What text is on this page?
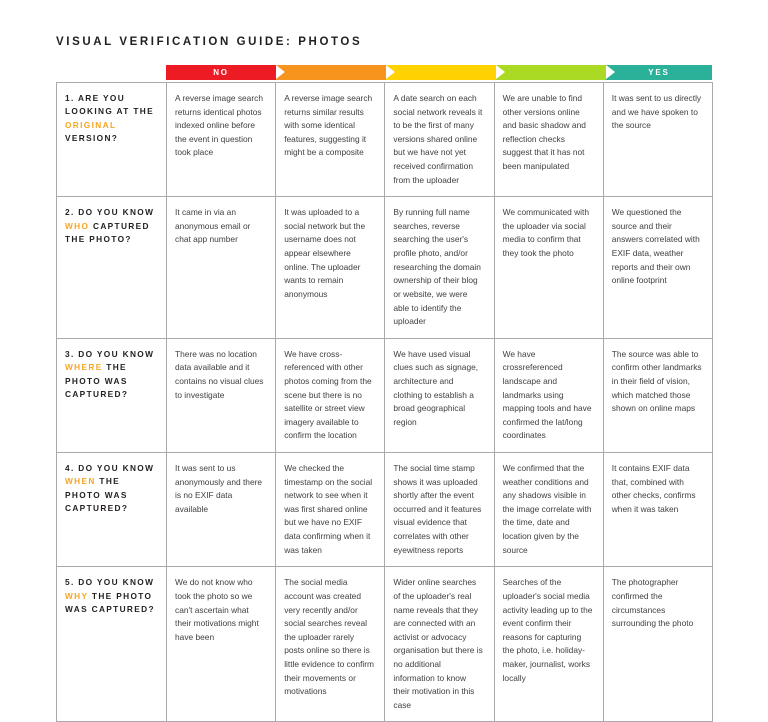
VISUAL VERIFICATION GUIDE: PHOTOS
NO	YES
1. ARE YOU LOOKING AT THE ORIGINAL VERSION?	A reverse image search returns identical photos indexed online before the event in question took place	A reverse image search returns similar results with some identical features, suggesting it might be a composite	A date search on each social network reveals it to be the first of many versions shared online but we have not yet received confirmation from the uploader	We are unable to find other versions online and basic shadow and reflection checks suggest that it has not been manipulated	It was sent to us directly and we have spoken to the source

2. DO YOU KNOW WHO CAPTURED THE PHOTO?	It came in via an anonymous email or chat app number	It was uploaded to a social network but the username does not appear elsewhere online. The uploader wants to remain anonymous	By running full name searches, reverse searching the user's profile photo, and/or researching the domain ownership of their blog or website, we were able to identify the uploader	We communicated with the uploader via social media to confirm that they took the photo	We questioned the source and their answers correlated with EXIF data, weather reports and their own online footprint

3. DO YOU KNOW WHERE THE PHOTO WAS CAPTURED?	There was no location data available and it contains no visual clues to investigate	We have cross-referenced with other photos coming from the scene but there is no satellite or street view imagery available to confirm the location	We have used visual clues such as signage, architecture and clothing to establish a broad geographical region	We have crossreferenced landscape and landmarks using mapping tools and have confirmed the lat/long coordinates	The source was able to confirm other landmarks in their field of vision, which matched those shown on online maps

4. DO YOU KNOW WHEN THE PHOTO WAS CAPTURED?	It was sent to us anonymously and there is no EXIF data available	We checked the timestamp on the social network to see when it was first shared online but we have no EXIF data confirming when it was taken	The social time stamp shows it was uploaded shortly after the event occurred and it features visual evidence that correlates with other eyewitness reports	We confirmed that the weather conditions and any shadows visible in the image correlate with the time, date and location given by the source	It contains EXIF data that, combined with other checks, confirms when it was taken

5. DO YOU KNOW WHY THE PHOTO WAS CAPTURED?	We do not know who took the photo so we can't ascertain what their motivations might have been	The social media account was created very recently and/or social searches reveal the uploader rarely posts online so there is little evidence to confirm their movements or motivations	Wider online searches of the uploader's real name reveals that they are connected with an activist or advocacy organisation but there is no additional information to know their motivation in this case	Searches of the uploader's social media activity leading up to the event confirm their reasons for capturing the photo, i.e. holiday-maker, journalist, works locally	The photographer confirmed the circumstances surrounding the photo
